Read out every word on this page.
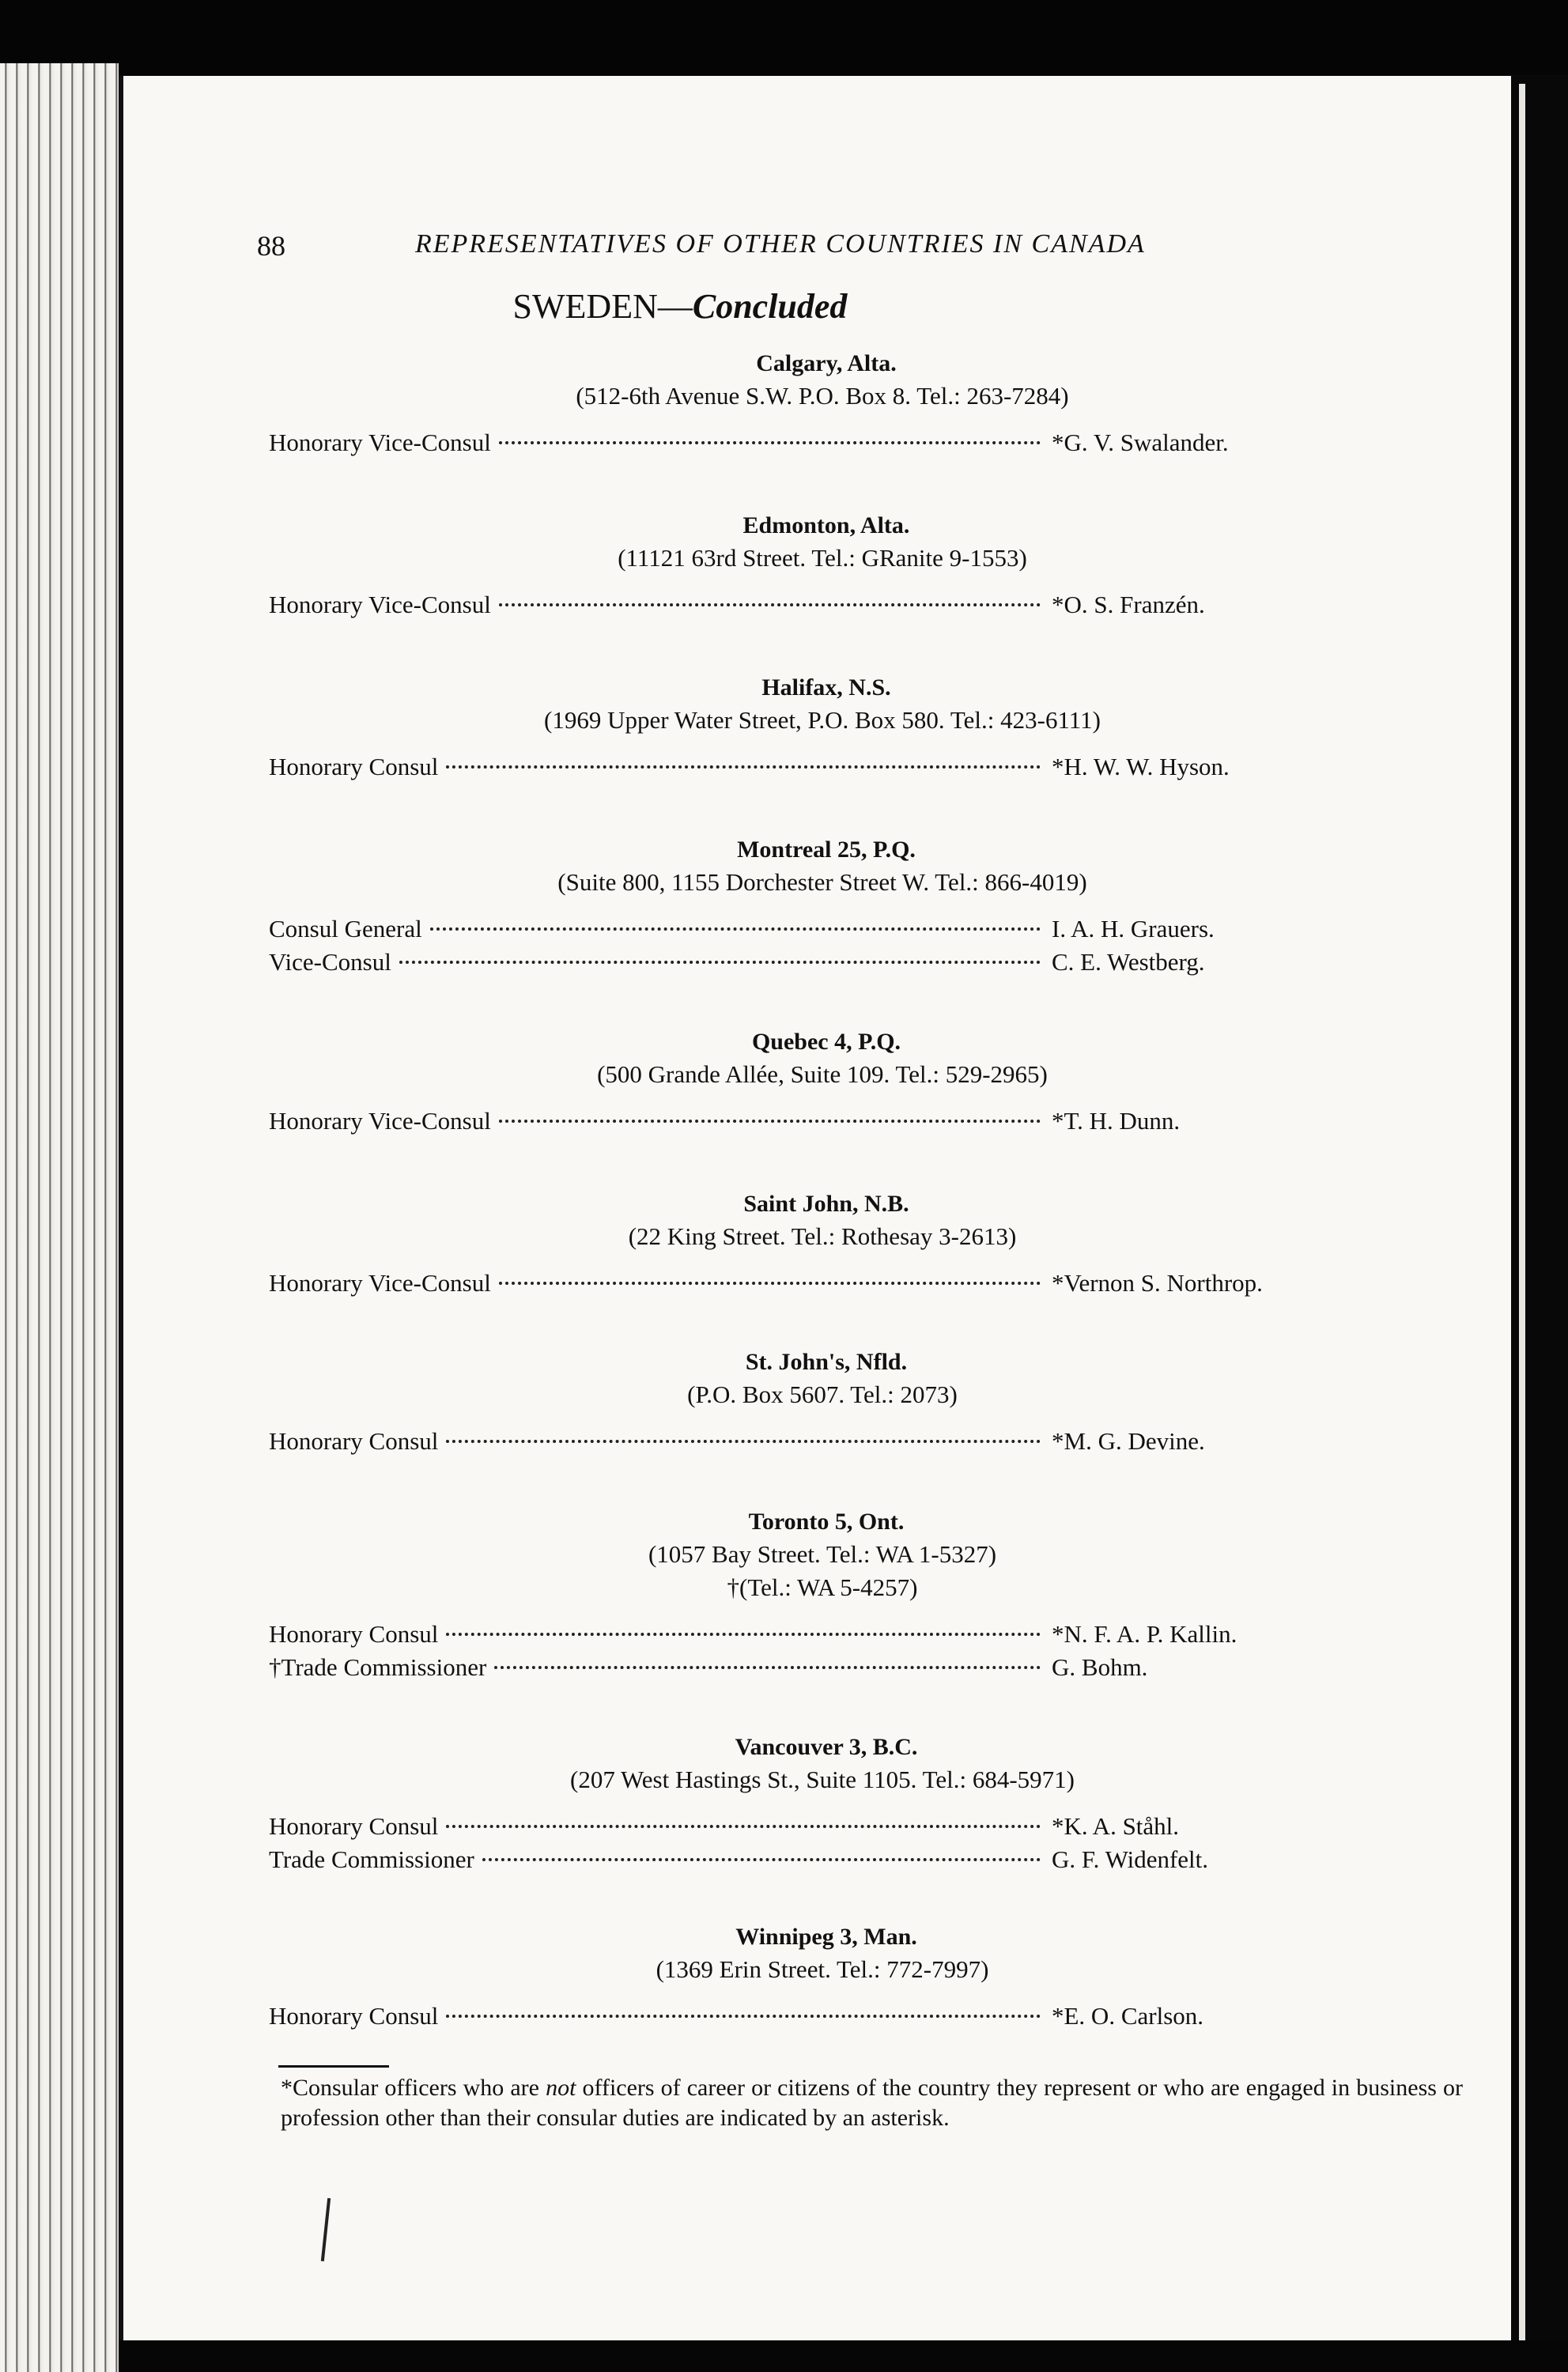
88	REPRESENTATIVES OF OTHER COUNTRIES IN CANADA
SWEDEN—Concluded
Calgary, Alta.
(512-6th Avenue S.W. P.O. Box 8. Tel.: 263-7284)
Honorary Vice-Consul	*G. V. Swalander.
Edmonton, Alta.
(11121 63rd Street. Tel.: GRanite 9-1553)
Honorary Vice-Consul	*O. S. Franzén.
Halifax, N.S.
(1969 Upper Water Street, P.O. Box 580. Tel.: 423-6111)
Honorary Consul	*H. W. W. Hyson.
Montreal 25, P.Q.
(Suite 800, 1155 Dorchester Street W. Tel.: 866-4019)
Consul General	I. A. H. Grauers.
Vice-Consul	C. E. Westberg.
Quebec 4, P.Q.
(500 Grande Allée, Suite 109. Tel.: 529-2965)
Honorary Vice-Consul	*T. H. Dunn.
Saint John, N.B.
(22 King Street. Tel.: Rothesay 3-2613)
Honorary Vice-Consul	*Vernon S. Northrop.
St. John's, Nfld.
(P.O. Box 5607. Tel.: 2073)
Honorary Consul	*M. G. Devine.
Toronto 5, Ont.
(1057 Bay Street. Tel.: WA 1-5327)
†(Tel.: WA 5-4257)
Honorary Consul	*N. F. A. P. Kallin.
†Trade Commissioner	G. Bohm.
Vancouver 3, B.C.
(207 West Hastings St., Suite 1105. Tel.: 684-5971)
Honorary Consul	*K. A. Ståhl.
Trade Commissioner	G. F. Widenfelt.
Winnipeg 3, Man.
(1369 Erin Street. Tel.: 772-7997)
Honorary Consul	*E. O. Carlson.
*Consular officers who are not officers of career or citizens of the country they represent or who are engaged in business or profession other than their consular duties are indicated by an asterisk.
